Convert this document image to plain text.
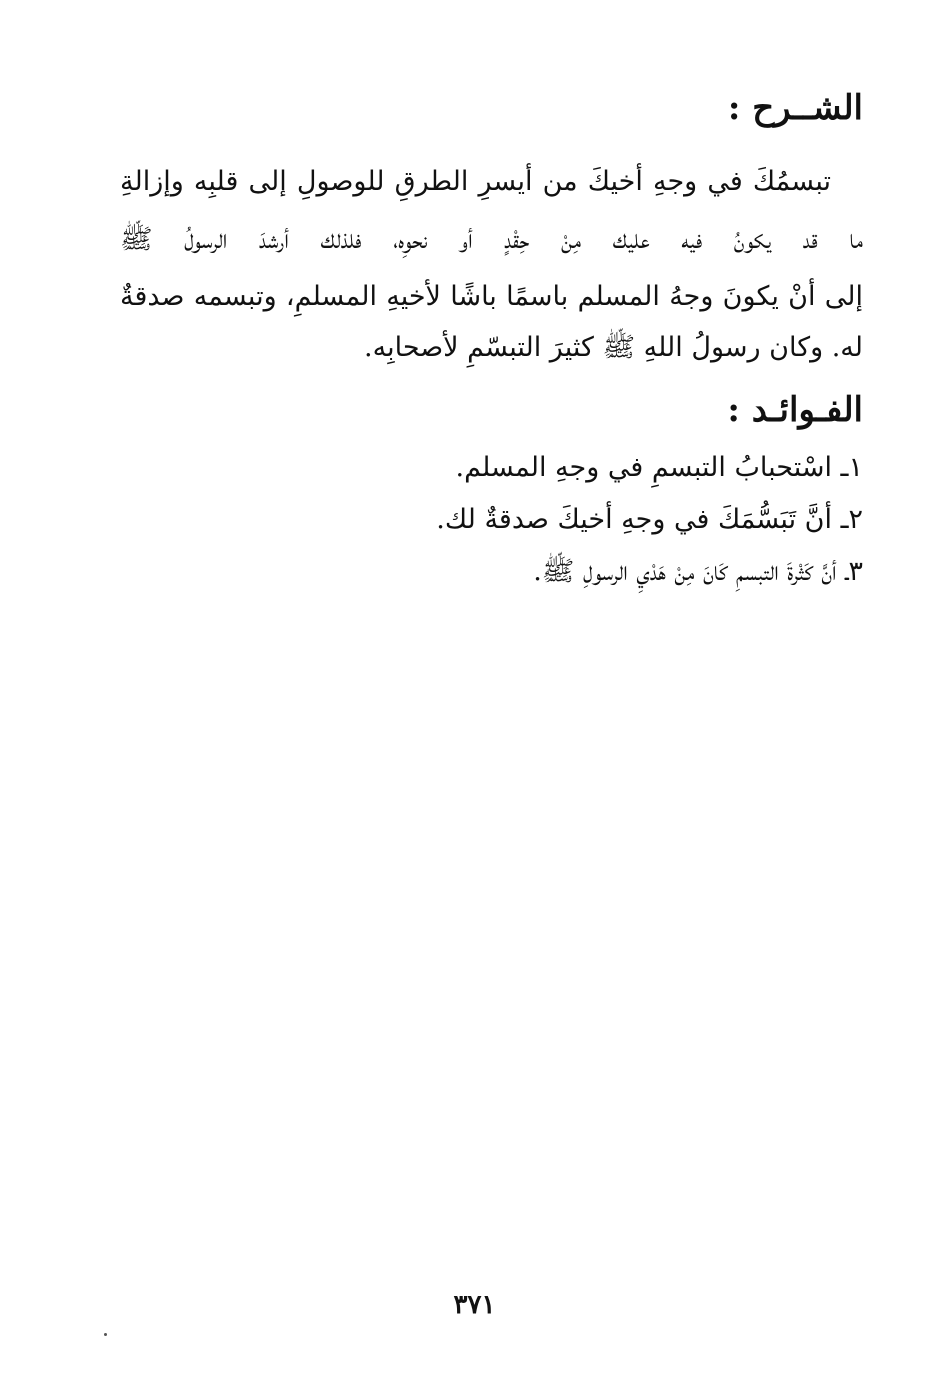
الشــرح :

تبسمُكَ في وجهِ أخيكَ من أيسرِ الطرقِ للوصولِ إلى قلبِه وإزالةِ

ما قد يكونُ فيه عليك مِنْ حِقْدٍ أو نحوِه، فلذلك أرشدَ الرسولُ ﷺ

إلى أنْ يكونَ وجهُ المسلم باسمًا باشًا لأخيهِ المسلمِ، وتبسمه صدقةٌ

له. وكان رسولُ اللهِ ﷺ كثيرَ التبسّمِ لأصحابِه.

الفـوائـد :
١ـ اسْتحبابُ التبسمِ في وجهِ المسلم.
٢ـ أنَّ تَبَسُّمَكَ في وجهِ أخيكَ صدقةٌ لك.
٣ـ أنَّ كَثْرةَ التبسمِ كَانَ مِنْ هَدْيِ الرسولِ ﷺ.
٣٧١
